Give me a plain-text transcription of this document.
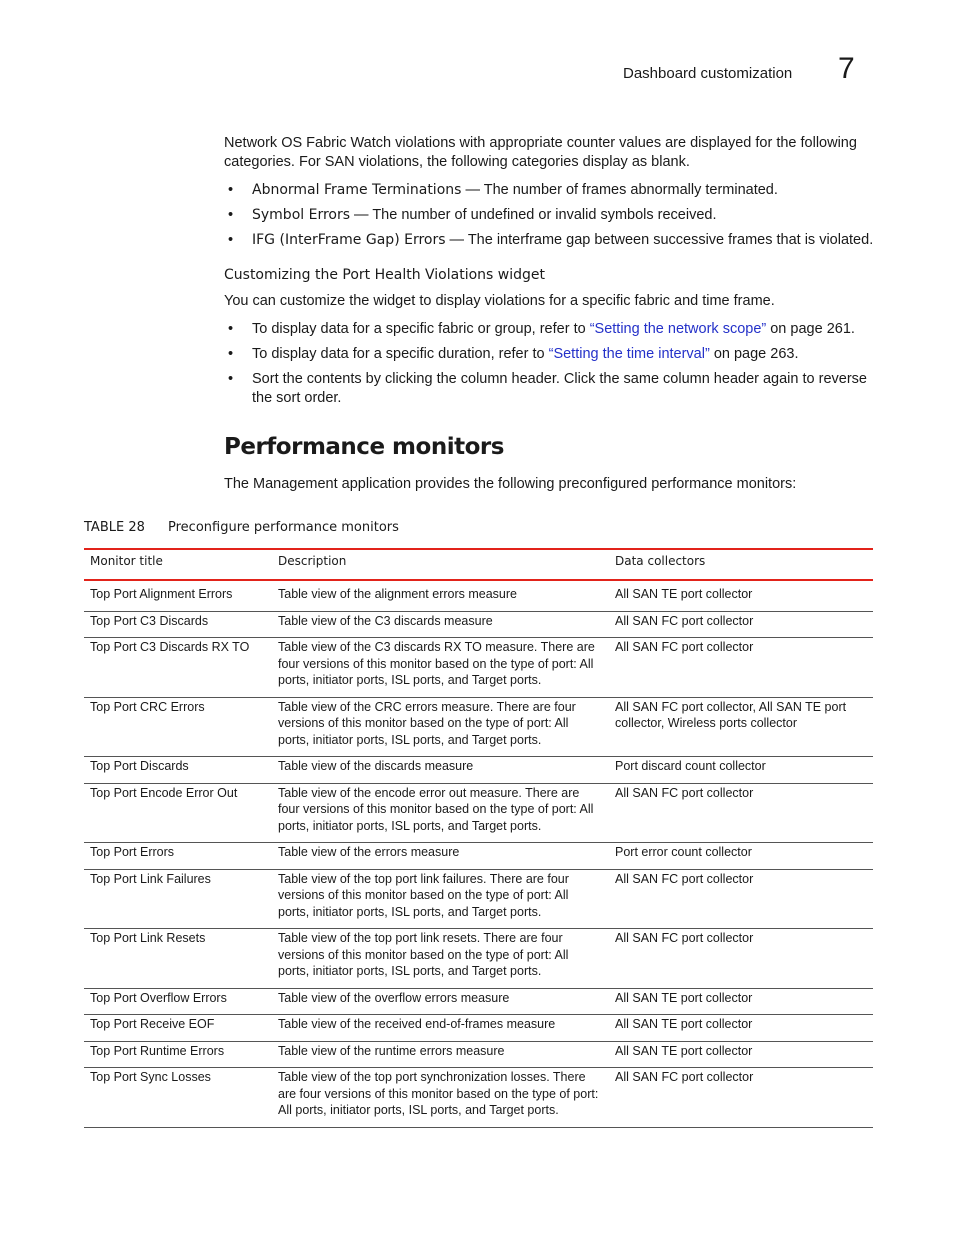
Dashboard customization 7

Network OS Fabric Watch violations with appropriate counter values are displayed for the following categories. For SAN violations, the following categories display as blank.

• Abnormal Frame Terminations — The number of frames abnormally terminated.

• Symbol Errors — The number of undefined or invalid symbols received.

• IFG (InterFrame Gap) Errors — The interframe gap between successive frames that is violated.

Customizing the Port Health Violations widget

You can customize the widget to display violations for a specific fabric and time frame.

• To display data for a specific fabric or group, refer to “Setting the network scope” on page 261.

• To display data for a specific duration, refer to “Setting the time interval” on page 263.

• Sort the contents by clicking the column header. Click the same column header again to reverse the sort order.

Performance monitors

The Management application provides the following preconfigured performance monitors:

TABLE 28 Preconfigure performance monitors
Monitor title	Description	Data collectors
Top Port Alignment Errors	Table view of the alignment errors measure	All SAN TE port collector
Top Port C3 Discards	Table view of the C3 discards measure	All SAN FC port collector
Top Port C3 Discards RX TO	Table view of the C3 discards RX TO measure. There are four versions of this monitor based on the type of port: All ports, initiator ports, ISL ports, and Target ports.	All SAN FC port collector
Top Port CRC Errors	Table view of the CRC errors measure. There are four versions of this monitor based on the type of port: All ports, initiator ports, ISL ports, and Target ports.	All SAN FC port collector, All SAN TE port collector, Wireless ports collector
Top Port Discards	Table view of the discards measure	Port discard count collector
Top Port Encode Error Out	Table view of the encode error out measure. There are four versions of this monitor based on the type of port: All ports, initiator ports, ISL ports, and Target ports.	All SAN FC port collector
Top Port Errors	Table view of the errors measure	Port error count collector
Top Port Link Failures	Table view of the top port link failures. There are four versions of this monitor based on the type of port: All ports, initiator ports, ISL ports, and Target ports.	All SAN FC port collector
Top Port Link Resets	Table view of the top port link resets. There are four versions of this monitor based on the type of port: All ports, initiator ports, ISL ports, and Target ports.	All SAN FC port collector
Top Port Overflow Errors	Table view of the overflow errors measure	All SAN TE port collector
Top Port Receive EOF	Table view of the received end-of-frames measure	All SAN TE port collector
Top Port Runtime Errors	Table view of the runtime errors measure	All SAN TE port collector
Top Port Sync Losses	Table view of the top port synchronization losses. There are four versions of this monitor based on the type of port: All ports, initiator ports, ISL ports, and Target ports.	All SAN FC port collector
